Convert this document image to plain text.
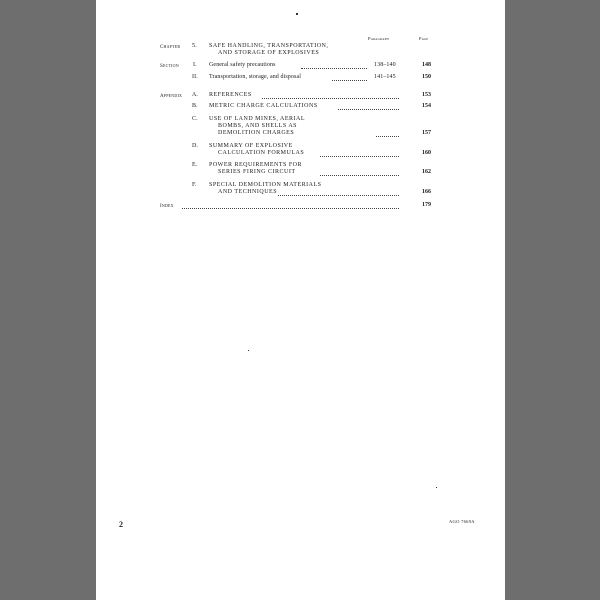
Paragraph	Page
Chapter 5. SAFE HANDLING, TRANSPORTATION,
AND STORAGE OF EXPLOSIVES
Section I. General safety precautions	138–140	148
II. Transportation, storage, and disposal	141–145	150
Appendix A. REFERENCES	153
B. METRIC CHARGE CALCULATIONS	154
C. USE OF LAND MINES, AERIAL
BOMBS, AND SHELLS AS
DEMOLITION CHARGES	157
D. SUMMARY OF EXPLOSIVE
CALCULATION FORMULAS	160
E. POWER REQUIREMENTS FOR
SERIES FIRING CIRCUIT	162
F. SPECIAL DEMOLITION MATERIALS
AND TECHNIQUES	166
Index	179
2	AGO 7669A
